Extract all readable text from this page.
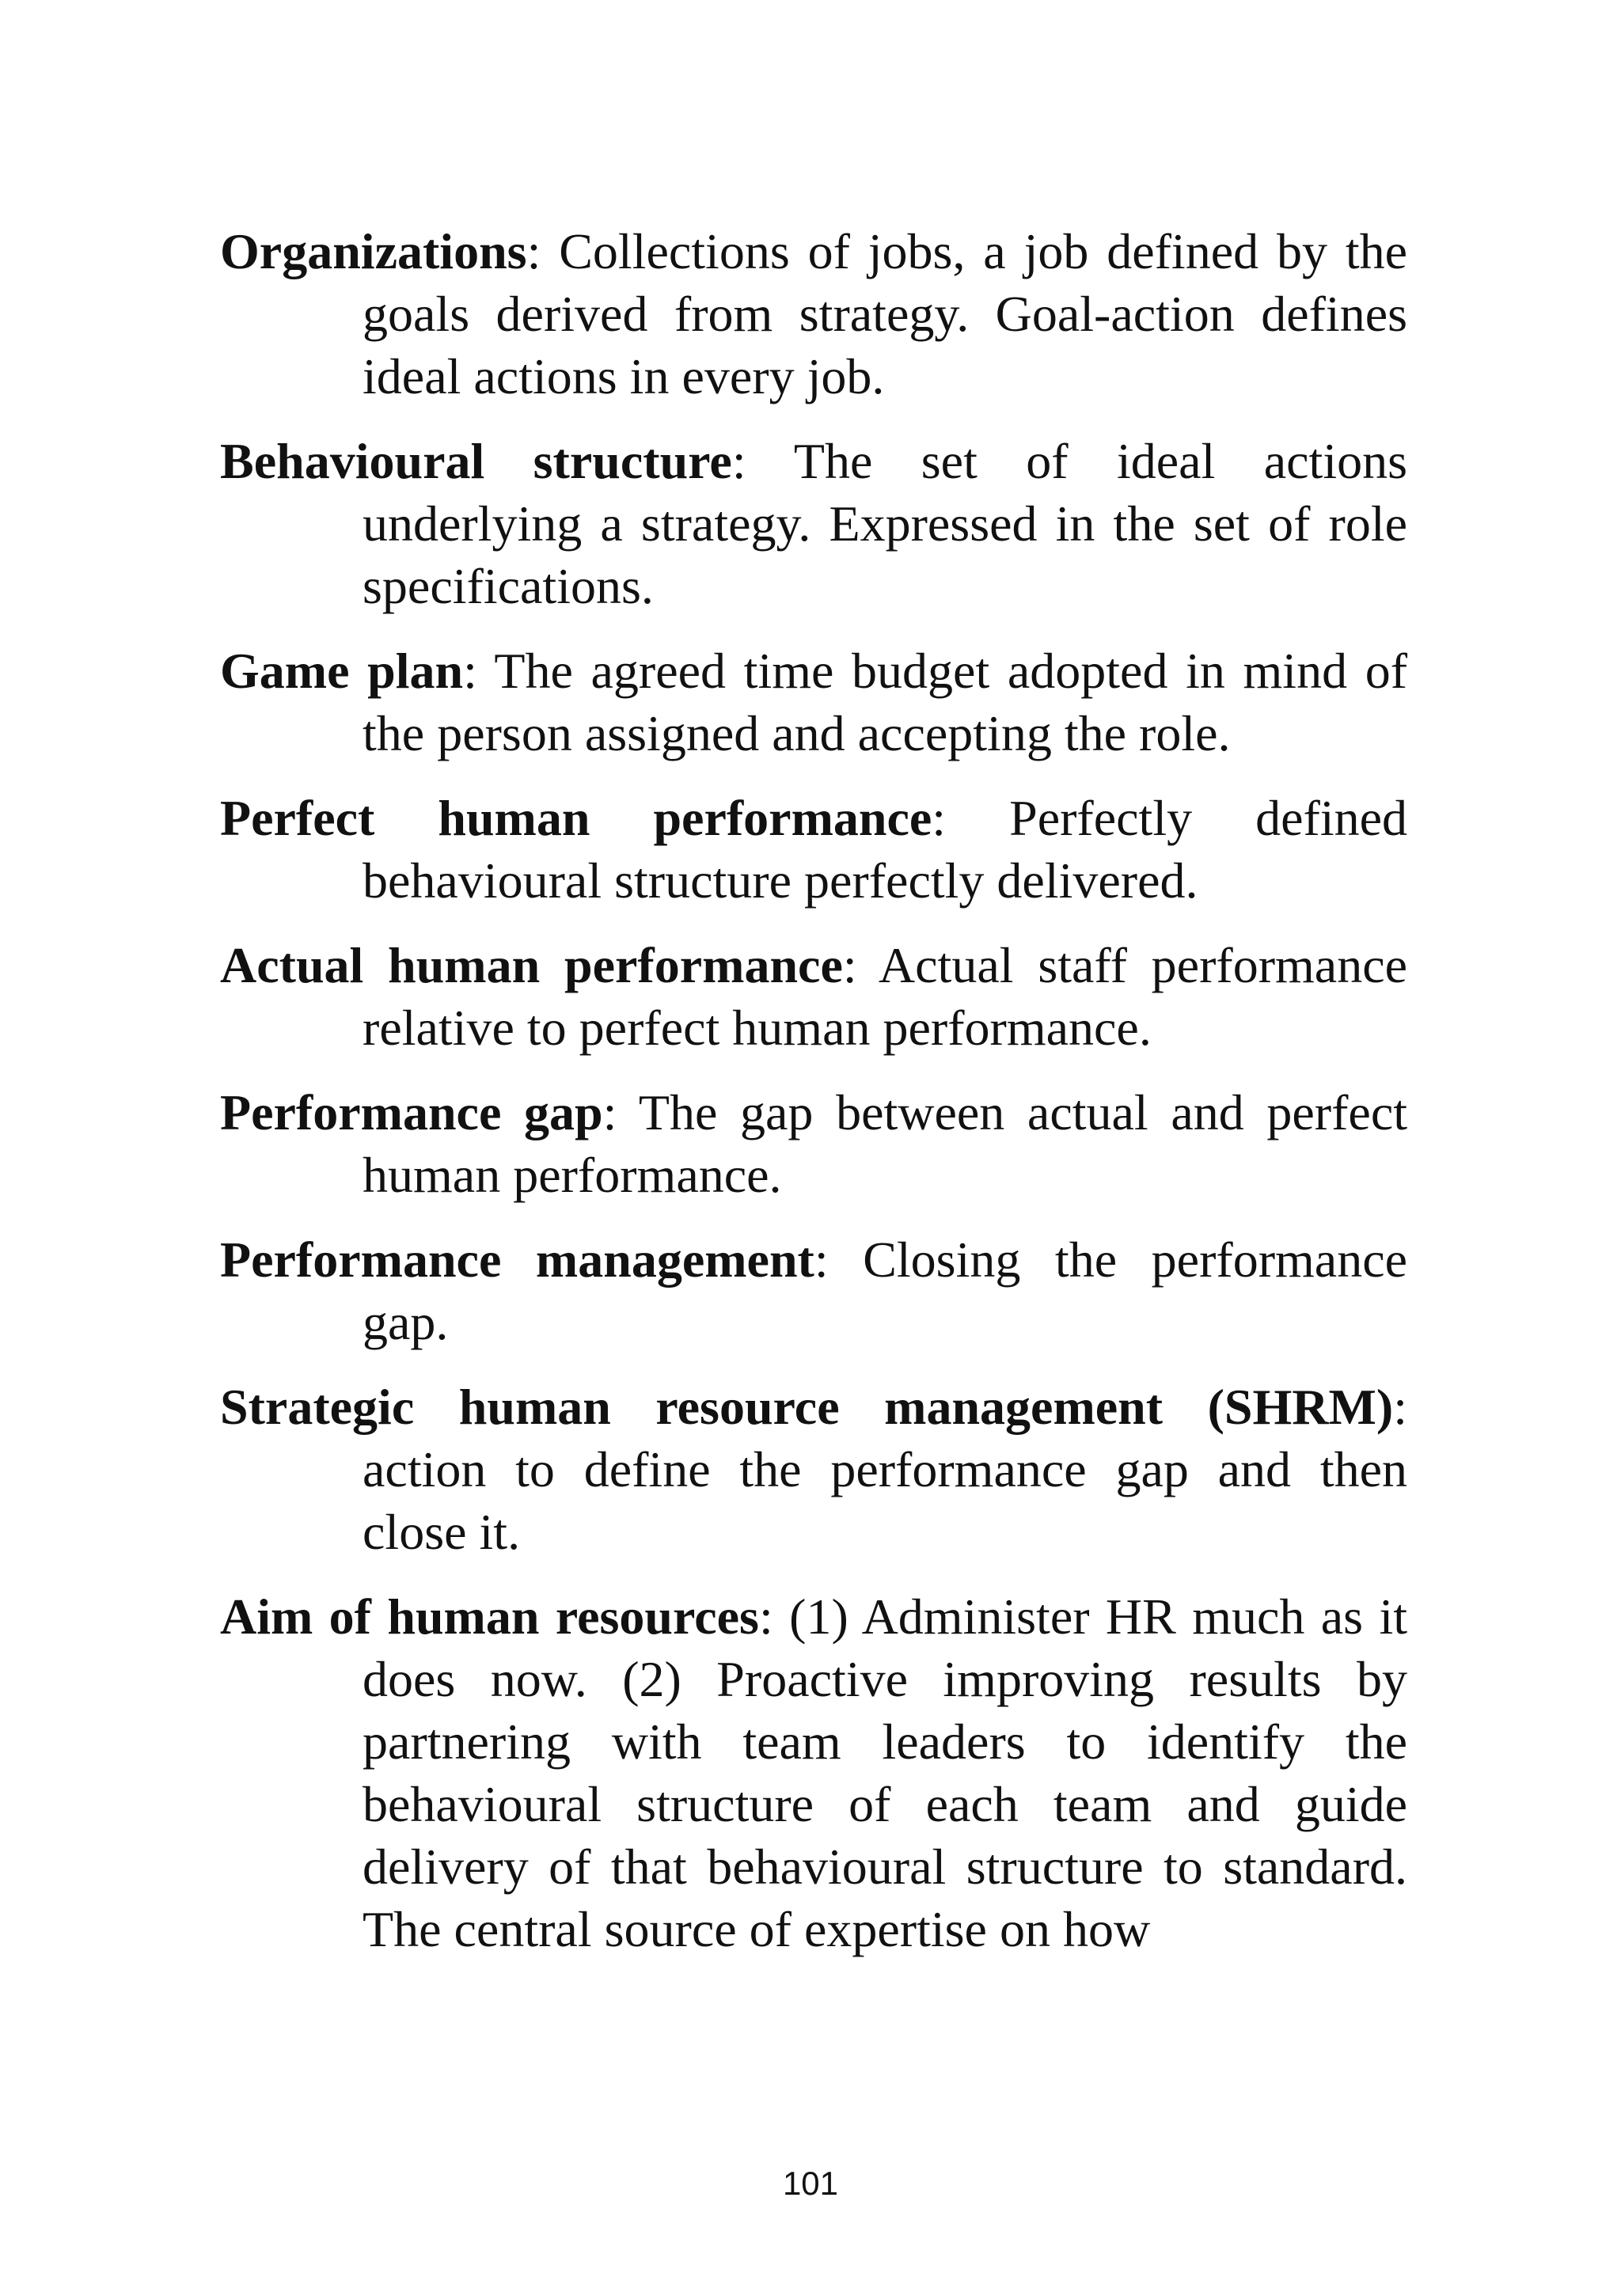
Organizations: Collections of jobs, a job defined by the goals derived from strategy. Goal-action defines ideal actions in every job.

Behavioural structure: The set of ideal actions underlying a strategy. Expressed in the set of role specifications.

Game plan: The agreed time budget adopted in mind of the person assigned and accepting the role.

Perfect human performance: Perfectly defined behavioural structure perfectly delivered.

Actual human performance: Actual staff performance relative to perfect human performance.

Performance gap: The gap between actual and perfect human performance.

Performance management: Closing the performance gap.

Strategic human resource management (SHRM): action to define the performance gap and then close it.

Aim of human resources: (1) Administer HR much as it does now. (2) Proactive improving results by partnering with team leaders to identify the behavioural structure of each team and guide delivery of that behavioural structure to standard. The central source of expertise on how

101
